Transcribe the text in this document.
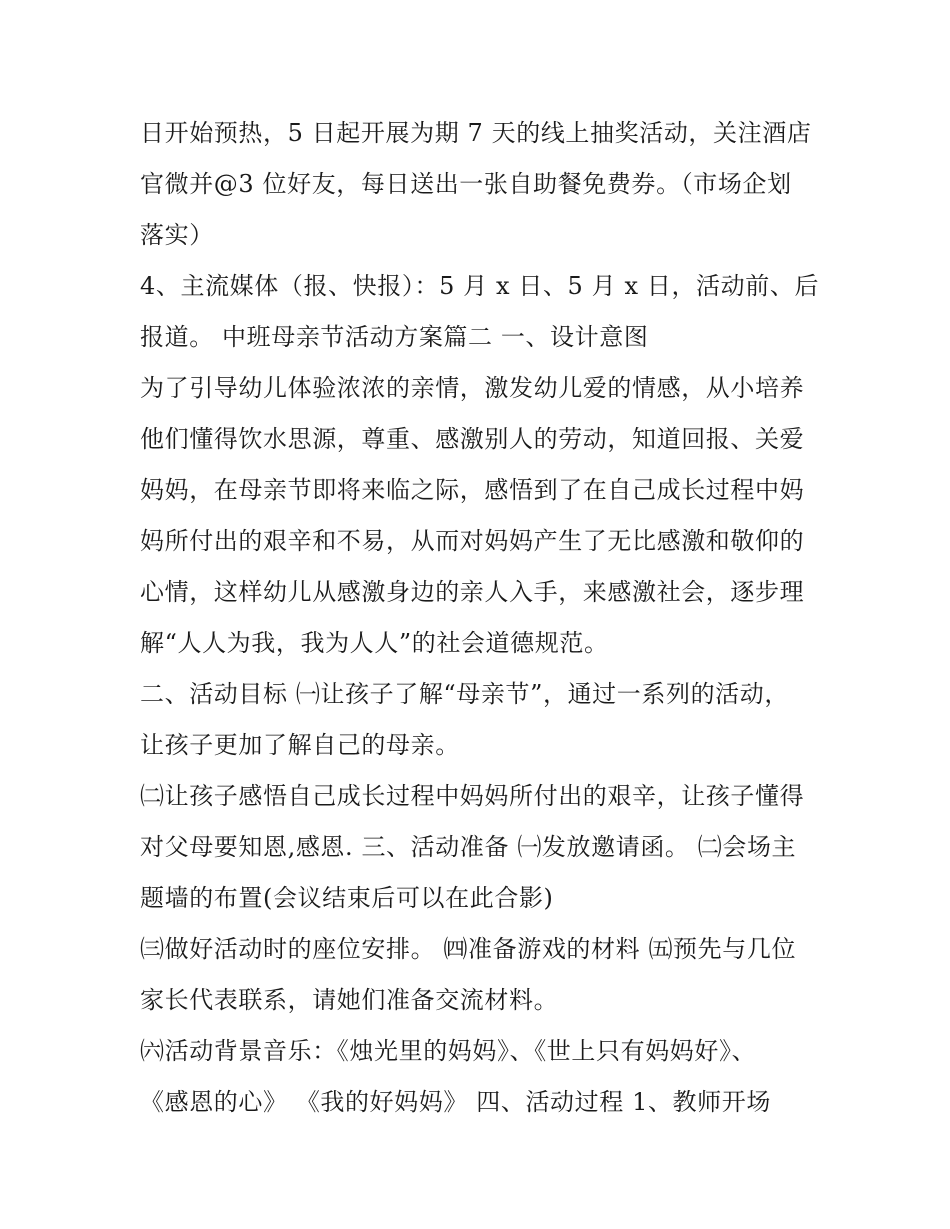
日开始预热，5 日起开展为期 7 天的线上抽奖活动，关注酒店
官微并@3 位好友，每日送出一张自助餐免费券。（市场企划
落实）
4、主流媒体（报、快报）：5 月 x 日、5 月 x 日，活动前、后
报道。 中班母亲节活动方案篇二 一、设计意图
为了引导幼儿体验浓浓的亲情，激发幼儿爱的情感，从小培养
他们懂得饮水思源，尊重、感激别人的劳动，知道回报、关爱
妈妈，在母亲节即将来临之际，感悟到了在自己成长过程中妈
妈所付出的艰辛和不易，从而对妈妈产生了无比感激和敬仰的
心情，这样幼儿从感激身边的亲人入手，来感激社会，逐步理
解“人人为我，我为人人”的社会道德规范。
二、活动目标 ㈠让孩子了解“母亲节”，通过一系列的活动，
让孩子更加了解自己的母亲。
㈡让孩子感悟自己成长过程中妈妈所付出的艰辛，让孩子懂得
对父母要知恩,感恩. 三、活动准备 ㈠发放邀请函。 ㈡会场主
题墙的布置(会议结束后可以在此合影)
㈢做好活动时的座位安排。 ㈣准备游戏的材料 ㈤预先与几位
家长代表联系，请她们准备交流材料。
㈥活动背景音乐：《烛光里的妈妈》、《世上只有妈妈好》、
《感恩的心》 《我的好妈妈》 四、活动过程 1、教师开场
